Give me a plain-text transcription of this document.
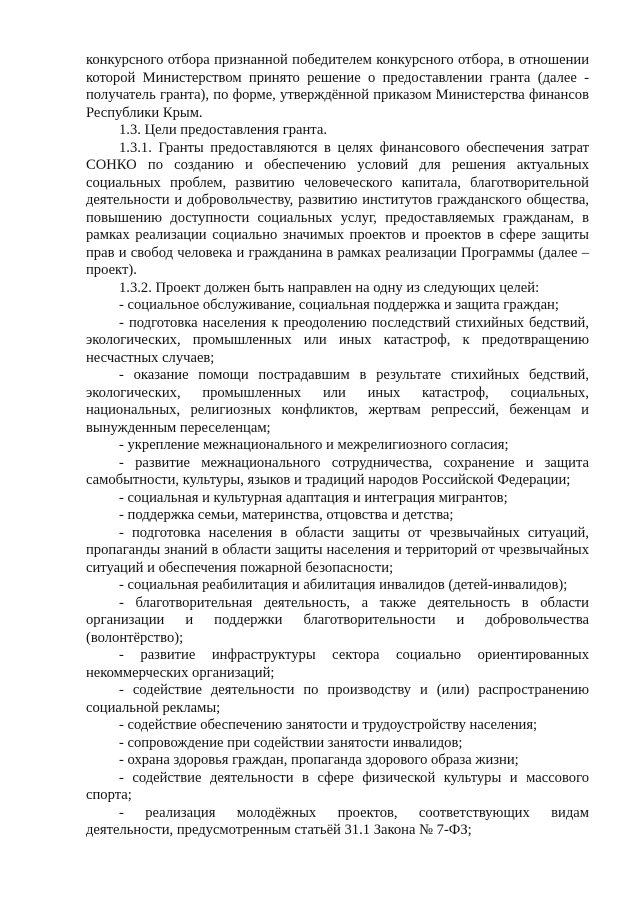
конкурсного отбора признанной победителем конкурсного отбора, в отношении которой Министерством принято решение о предоставлении гранта (далее - получатель гранта), по форме, утверждённой приказом Министерства финансов Республики Крым.

1.3. Цели предоставления гранта.

1.3.1. Гранты предоставляются в целях финансового обеспечения затрат СОНКО по созданию и обеспечению условий для решения актуальных социальных проблем, развитию человеческого капитала, благотворительной деятельности и добровольчеству, развитию институтов гражданского общества, повышению доступности социальных услуг, предоставляемых гражданам, в рамках реализации социально значимых проектов и проектов в сфере защиты прав и свобод человека и гражданина в рамках реализации Программы (далее – проект).

1.3.2. Проект должен быть направлен на одну из следующих целей:

- социальное обслуживание, социальная поддержка и защита граждан;

- подготовка населения к преодолению последствий стихийных бедствий, экологических, промышленных или иных катастроф, к предотвращению несчастных случаев;

- оказание помощи пострадавшим в результате стихийных бедствий, экологических, промышленных или иных катастроф, социальных, национальных, религиозных конфликтов, жертвам репрессий, беженцам и вынужденным переселенцам;

- укрепление межнационального и межрелигиозного согласия;

- развитие межнационального сотрудничества, сохранение и защита самобытности, культуры, языков и традиций народов Российской Федерации;

- социальная и культурная адаптация и интеграция мигрантов;

- поддержка семьи, материнства, отцовства и детства;

- подготовка населения в области защиты от чрезвычайных ситуаций, пропаганды знаний в области защиты населения и территорий от чрезвычайных ситуаций и обеспечения пожарной безопасности;

- социальная реабилитация и абилитация инвалидов (детей-инвалидов);

- благотворительная деятельность, а также деятельность в области организации и поддержки благотворительности и добровольчества (волонтёрство);

- развитие инфраструктуры сектора социально ориентированных некоммерческих организаций;

- содействие деятельности по производству и (или) распространению социальной рекламы;

- содействие обеспечению занятости и трудоустройству населения;

- сопровождение при содействии занятости инвалидов;

- охрана здоровья граждан, пропаганда здорового образа жизни;

- содействие деятельности в сфере физической культуры и массового спорта;

- реализация молодёжных проектов, соответствующих видам деятельности, предусмотренным статьёй 31.1 Закона № 7-ФЗ;
